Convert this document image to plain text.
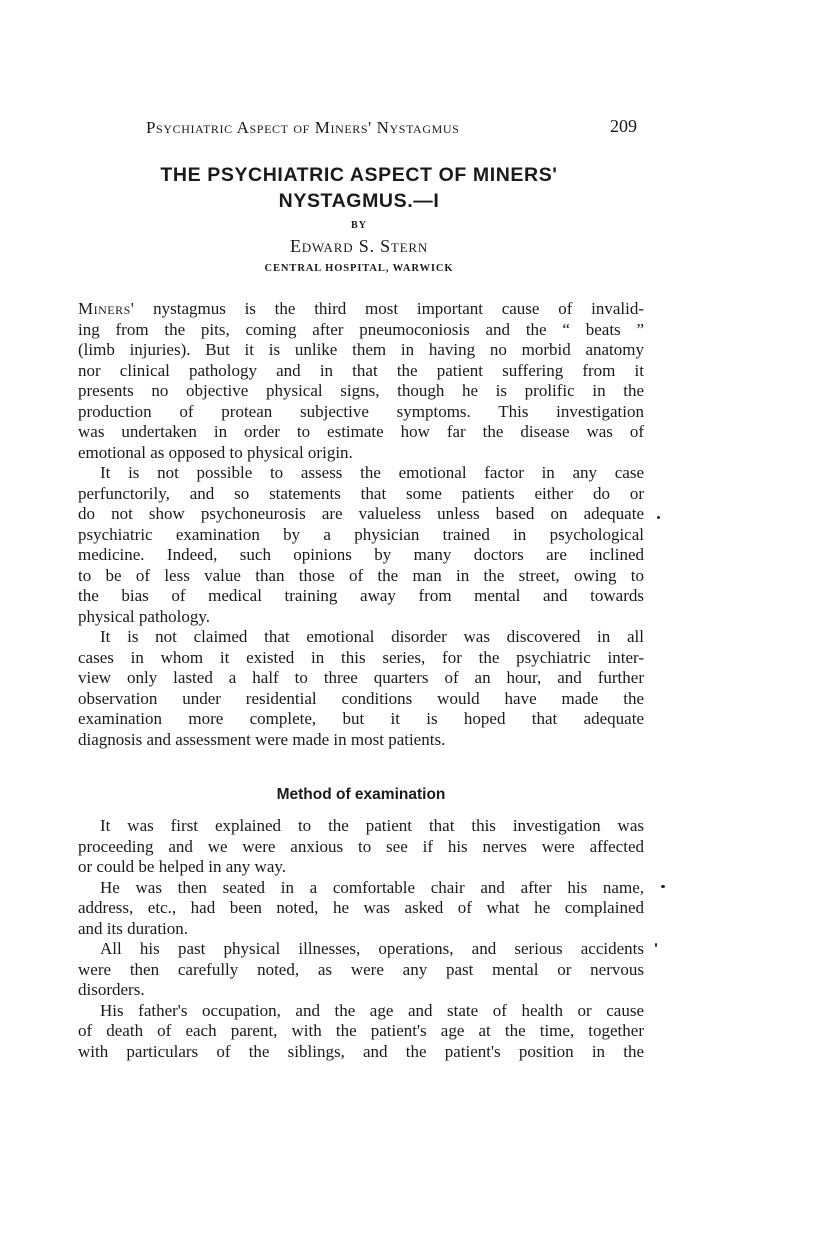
Psychiatric Aspect of Miners' Nystagmus	209
THE PSYCHIATRIC ASPECT OF MINERS'
NYSTAGMUS.—I
BY
Edward S. Stern
CENTRAL HOSPITAL, WARWICK
Miners' nystagmus is the third most important cause of invalid-
ing from the pits, coming after pneumoconiosis and the “ beats ”
(limb injuries). But it is unlike them in having no morbid anatomy
nor clinical pathology and in that the patient suffering from it
presents no objective physical signs, though he is prolific in the
production of protean subjective symptoms. This investigation
was undertaken in order to estimate how far the disease was of
emotional as opposed to physical origin.
It is not possible to assess the emotional factor in any case
perfunctorily, and so statements that some patients either do or
do not show psychoneurosis are valueless unless based on adequate
psychiatric examination by a physician trained in psychological
medicine. Indeed, such opinions by many doctors are inclined
to be of less value than those of the man in the street, owing to
the bias of medical training away from mental and towards
physical pathology.
It is not claimed that emotional disorder was discovered in all
cases in whom it existed in this series, for the psychiatric inter-
view only lasted a half to three quarters of an hour, and further
observation under residential conditions would have made the
examination more complete, but it is hoped that adequate
diagnosis and assessment were made in most patients.
Method of examination
It was first explained to the patient that this investigation was
proceeding and we were anxious to see if his nerves were affected
or could be helped in any way.
He was then seated in a comfortable chair and after his name,
address, etc., had been noted, he was asked of what he complained
and its duration.
All his past physical illnesses, operations, and serious accidents
were then carefully noted, as were any past mental or nervous
disorders.
His father's occupation, and the age and state of health or cause
of death of each parent, with the patient's age at the time, together
with particulars of the siblings, and the patient's position in the
